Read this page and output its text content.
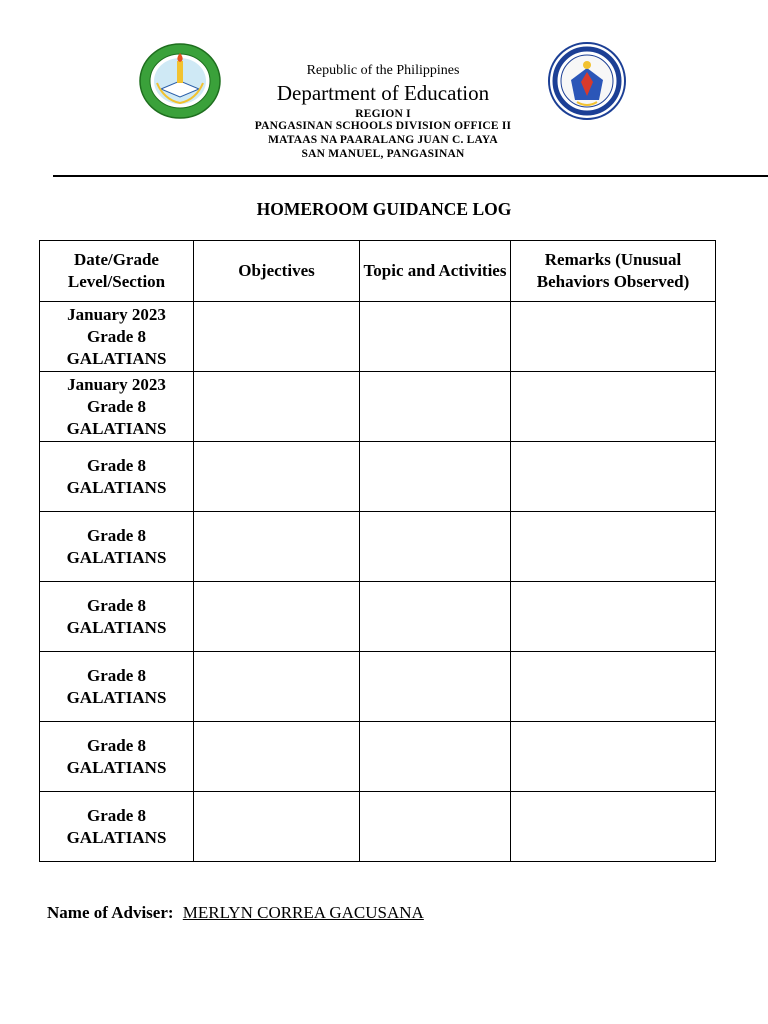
Republic of the Philippines
Department of Education
REGION I
PANGASINAN SCHOOLS DIVISION OFFICE II
MATAAS NA PAARALANG JUAN C. LAYA
SAN MANUEL, PANGASINAN
HOMEROOM GUIDANCE LOG
Date/Grade Level/Section	Objectives	Topic and Activities	Remarks (Unusual Behaviors Observed)

January 2023
Grade 8
GALATIANS			

January 2023
Grade 8
GALATIANS			

Grade 8
GALATIANS			

Grade 8
GALATIANS			

Grade 8
GALATIANS			

Grade 8
GALATIANS			

Grade 8
GALATIANS			

Grade 8
GALATIANS			

Name of Adviser: MERLYN CORREA GACUSANA
